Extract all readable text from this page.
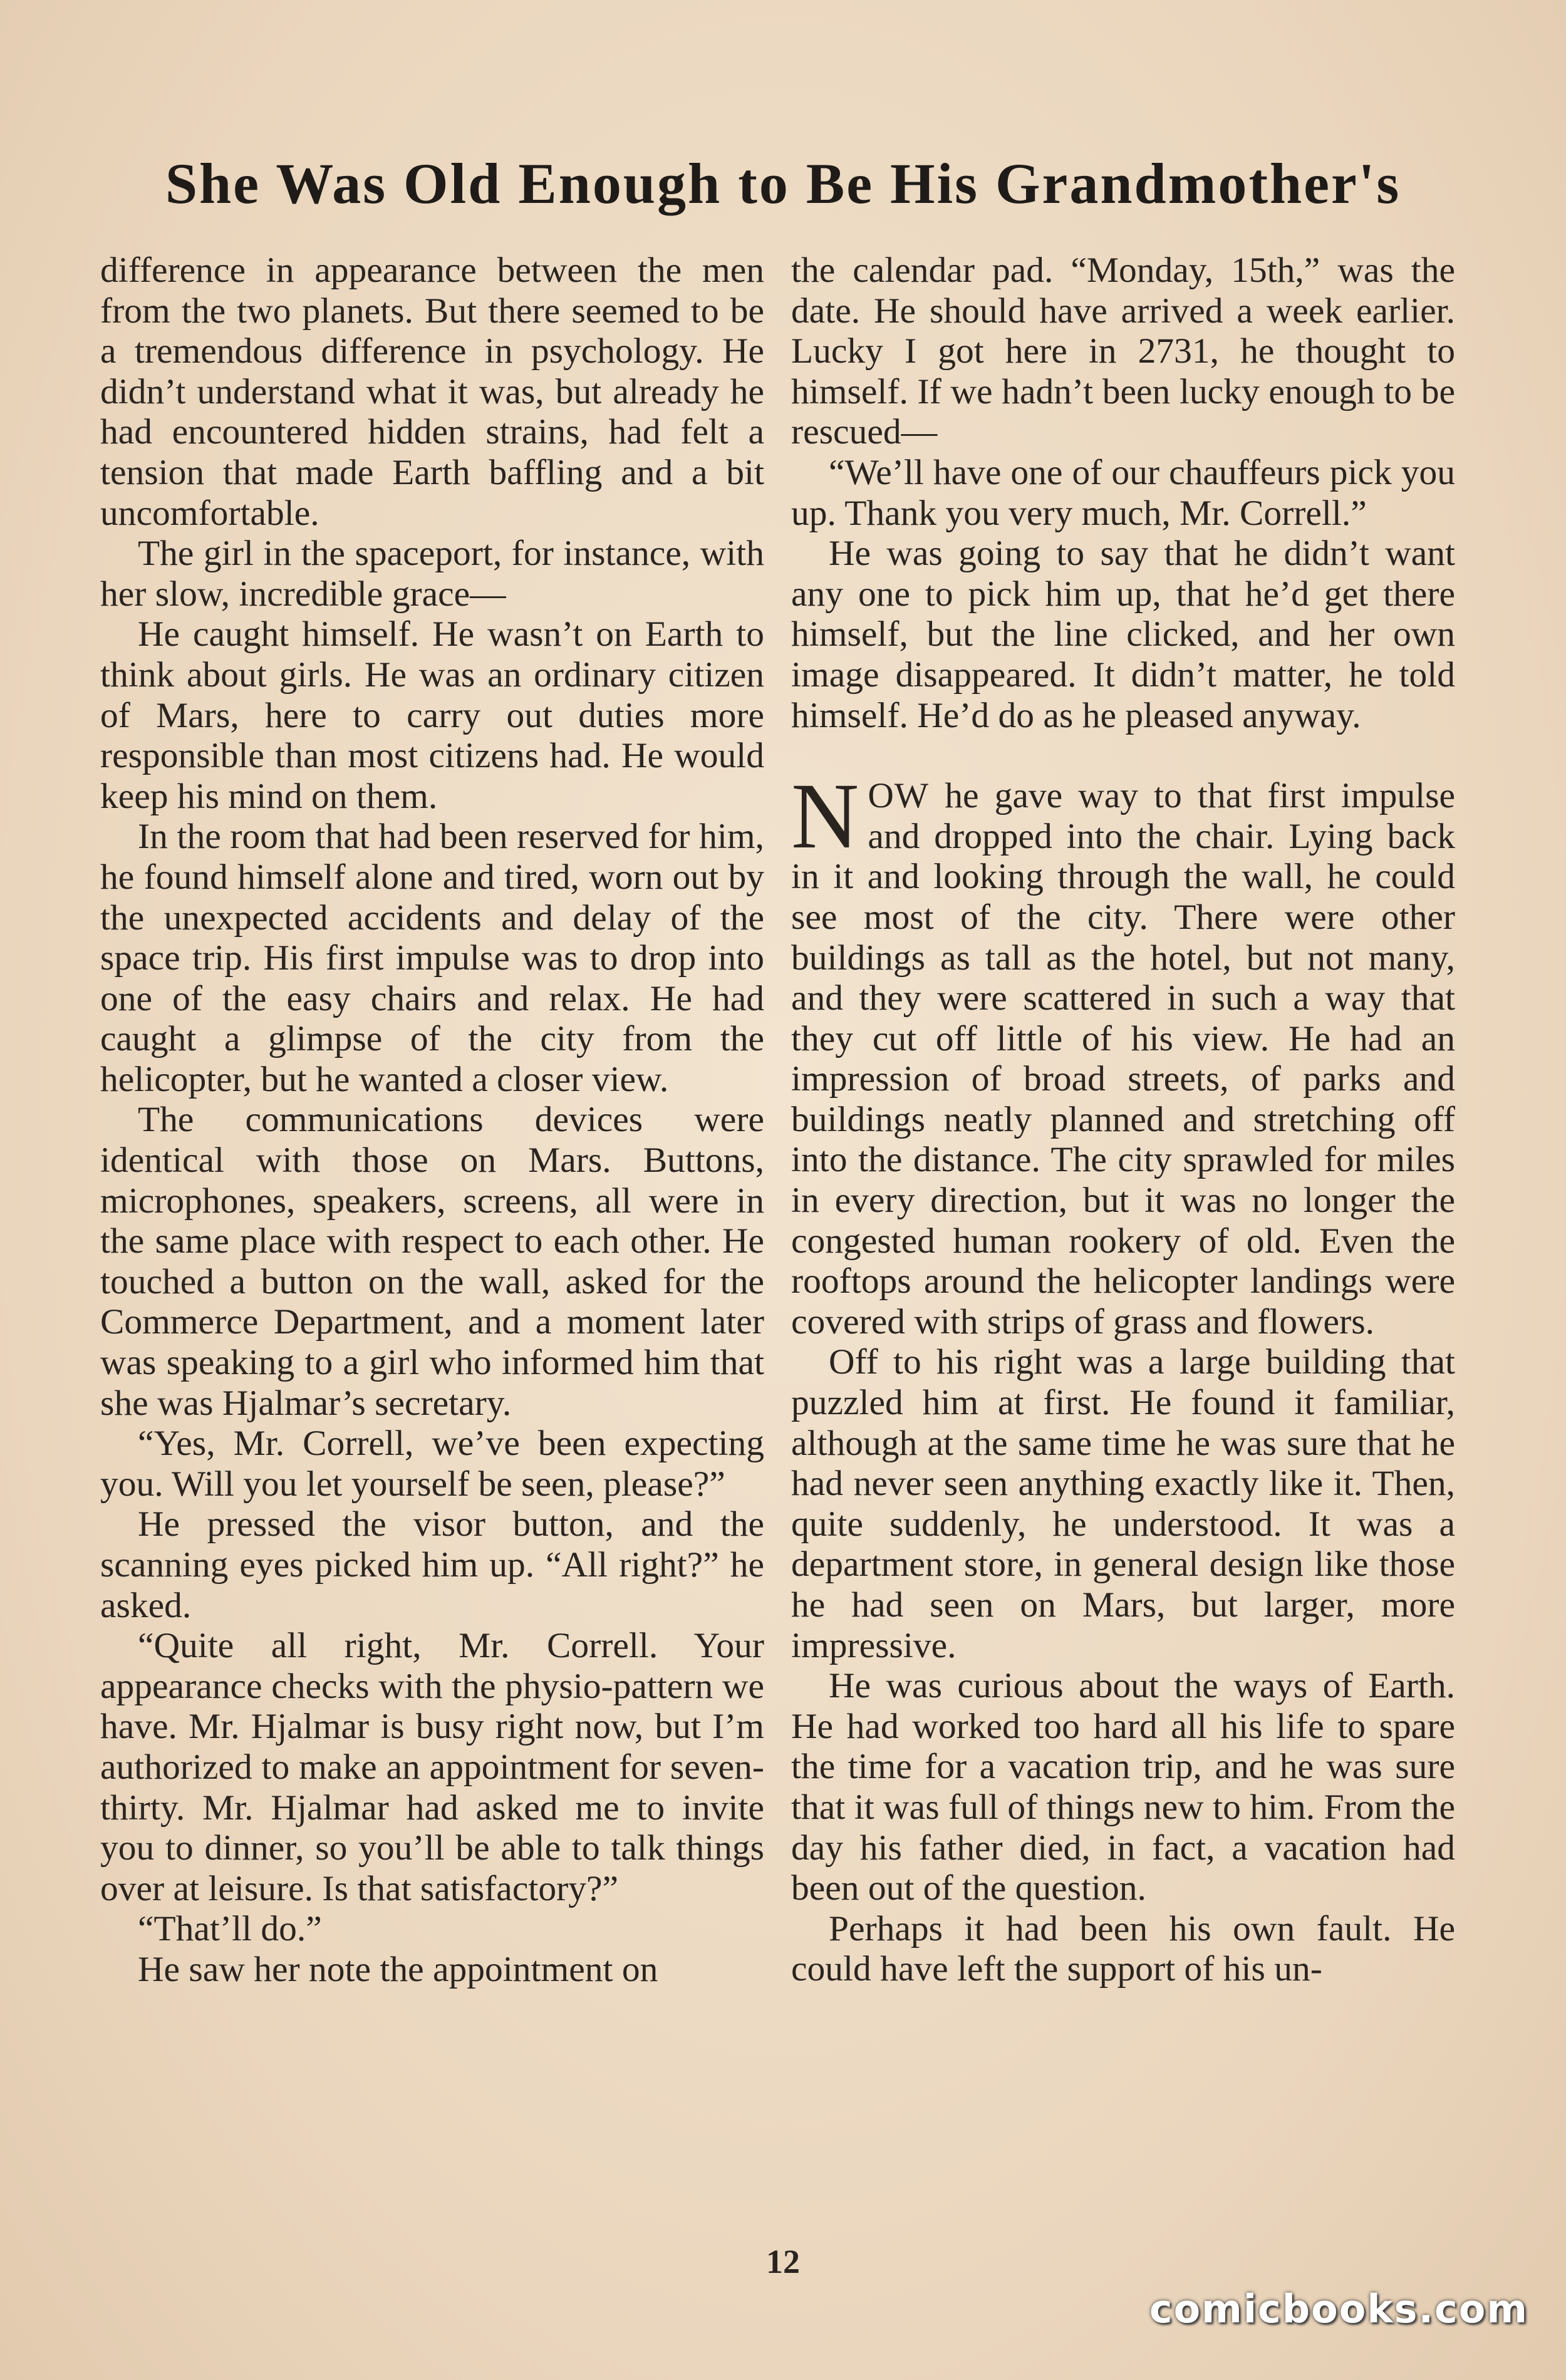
She Was Old Enough to Be His Grandmother's

difference in appearance between the men from the two planets. But there seemed to be a tremendous difference in psychology. He didn’t understand what it was, but already he had encountered hidden strains, had felt a tension that made Earth baffling and a bit uncomfortable.

The girl in the spaceport, for instance, with her slow, incredible grace—

He caught himself. He wasn’t on Earth to think about girls. He was an ordinary citizen of Mars, here to carry out duties more responsible than most citizens had. He would keep his mind on them.

In the room that had been reserved for him, he found himself alone and tired, worn out by the unexpected accidents and delay of the space trip. His first impulse was to drop into one of the easy chairs and relax. He had caught a glimpse of the city from the helicopter, but he wanted a closer view.

The communications devices were identical with those on Mars. Buttons, microphones, speakers, screens, all were in the same place with respect to each other. He touched a button on the wall, asked for the Commerce Department, and a moment later was speaking to a girl who informed him that she was Hjalmar’s secretary.

“Yes, Mr. Correll, we’ve been expecting you. Will you let yourself be seen, please?”

He pressed the visor button, and the scanning eyes picked him up. “All right?” he asked.

“Quite all right, Mr. Correll. Your appearance checks with the physio-pattern we have. Mr. Hjalmar is busy right now, but I’m authorized to make an appointment for seven-thirty. Mr. Hjalmar had asked me to invite you to dinner, so you’ll be able to talk things over at leisure. Is that satisfactory?”

“That’ll do.”

He saw her note the appointment on

the calendar pad. “Monday, 15th,” was the date. He should have arrived a week earlier. Lucky I got here in 2731, he thought to himself. If we hadn’t been lucky enough to be rescued—

“We’ll have one of our chauffeurs pick you up. Thank you very much, Mr. Correll.”

He was going to say that he didn’t want any one to pick him up, that he’d get there himself, but the line clicked, and her own image disappeared. It didn’t matter, he told himself. He’d do as he pleased anyway.

NOW he gave way to that first impulse and dropped into the chair. Lying back in it and looking through the wall, he could see most of the city. There were other buildings as tall as the hotel, but not many, and they were scattered in such a way that they cut off little of his view. He had an impression of broad streets, of parks and buildings neatly planned and stretching off into the distance. The city sprawled for miles in every direction, but it was no longer the congested human rookery of old. Even the rooftops around the helicopter landings were covered with strips of grass and flowers.

Off to his right was a large building that puzzled him at first. He found it familiar, although at the same time he was sure that he had never seen anything exactly like it. Then, quite suddenly, he understood. It was a department store, in general design like those he had seen on Mars, but larger, more impressive.

He was curious about the ways of Earth. He had worked too hard all his life to spare the time for a vacation trip, and he was sure that it was full of things new to him. From the day his father died, in fact, a vacation had been out of the question.

Perhaps it had been his own fault. He could have left the support of his un-

12
comicbooks.com
